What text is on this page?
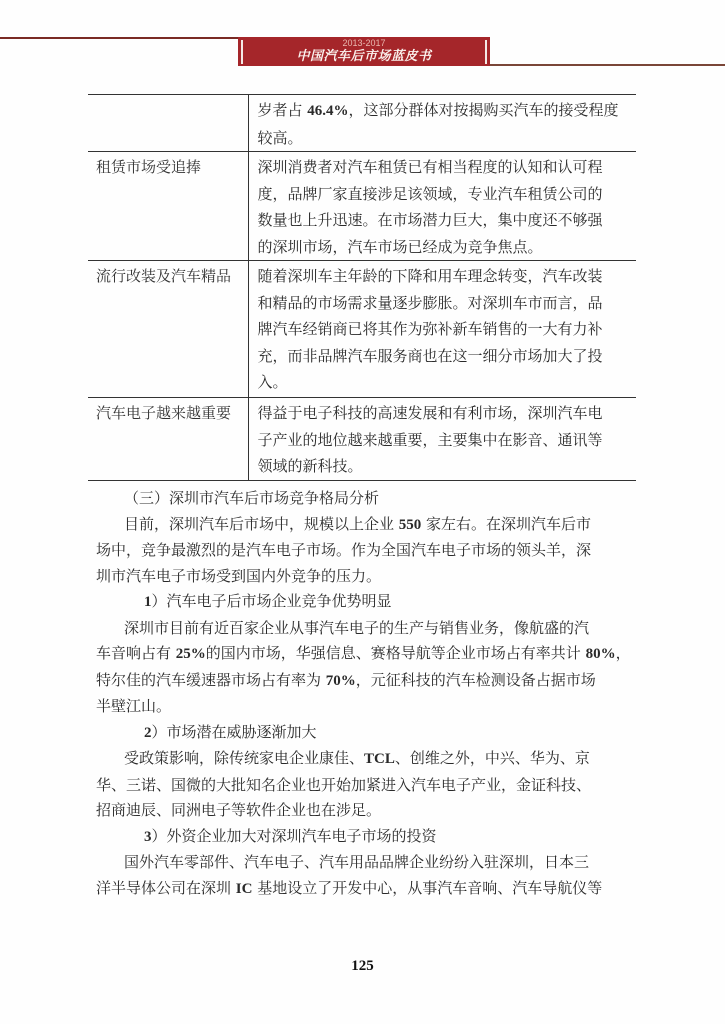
2013-2017
中国汽车后市场蓝皮书

	岁者占 46.4%，这部分群体对按揭购买汽车的接受程度
较高。

租赁市场受追捧	深圳消费者对汽车租赁已有相当程度的认知和认可程
度，品牌厂家直接涉足该领域，专业汽车租赁公司的
数量也上升迅速。在市场潜力巨大，集中度还不够强
的深圳市场，汽车市场已经成为竞争焦点。

流行改装及汽车精品	随着深圳车主年龄的下降和用车理念转变，汽车改装
和精品的市场需求量逐步膨胀。对深圳车市而言，品
牌汽车经销商已将其作为弥补新车销售的一大有力补
充，而非品牌汽车服务商也在这一细分市场加大了投
入。

汽车电子越来越重要	得益于电子科技的高速发展和有利市场，深圳汽车电
子产业的地位越来越重要，主要集中在影音、通讯等
领域的新科技。
（三）深圳市汽车后市场竞争格局分析
目前，深圳汽车后市场中，规模以上企业 550 家左右。在深圳汽车后市
场中，竞争最激烈的是汽车电子市场。作为全国汽车电子市场的领头羊，深
圳市汽车电子市场受到国内外竞争的压力。
1）汽车电子后市场企业竞争优势明显
深圳市目前有近百家企业从事汽车电子的生产与销售业务，像航盛的汽
车音响占有 25%的国内市场，华强信息、赛格导航等企业市场占有率共计 80%，
特尔佳的汽车缓速器市场占有率为 70%，元征科技的汽车检测设备占据市场
半壁江山。
2）市场潜在威胁逐渐加大
受政策影响，除传统家电企业康佳、TCL、创维之外，中兴、华为、京
华、三诺、国微的大批知名企业也开始加紧进入汽车电子产业，金证科技、
招商迪辰、同洲电子等软件企业也在涉足。
3）外资企业加大对深圳汽车电子市场的投资
国外汽车零部件、汽车电子、汽车用品品牌企业纷纷入驻深圳，日本三
洋半导体公司在深圳 IC 基地设立了开发中心，从事汽车音响、汽车导航仪等
125
